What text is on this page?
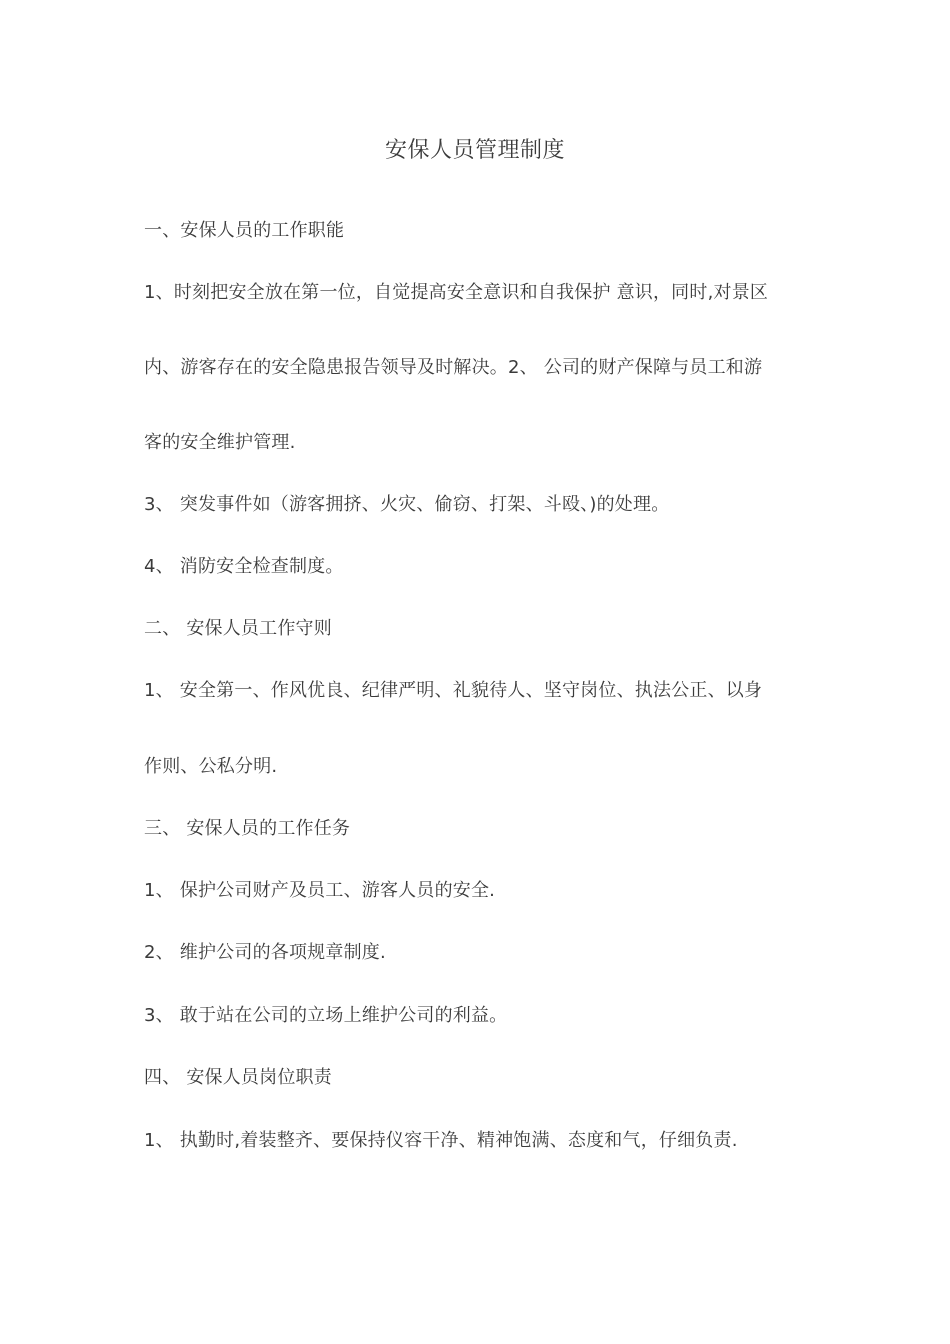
安保人员管理制度
一、安保人员的工作职能
1、时刻把安全放在第一位，自觉提高安全意识和自我保护 意识，同时,对景区
内、游客存在的安全隐患报告领导及时解决。2、 公司的财产保障与员工和游
客的安全维护管理.
3、 突发事件如（游客拥挤、火灾、偷窃、打架、斗殴、)的处理。
4、 消防安全检查制度。
二、 安保人员工作守则
1、 安全第一、作风优良、纪律严明、礼貌待人、坚守岗位、执法公正、以身
作则、公私分明.
三、 安保人员的工作任务
1、 保护公司财产及员工、游客人员的安全.
2、 维护公司的各项规章制度.
3、 敢于站在公司的立场上维护公司的利益。
四、 安保人员岗位职责
1、 执勤时,着装整齐、要保持仪容干净、精神饱满、态度和气，仔细负责.
